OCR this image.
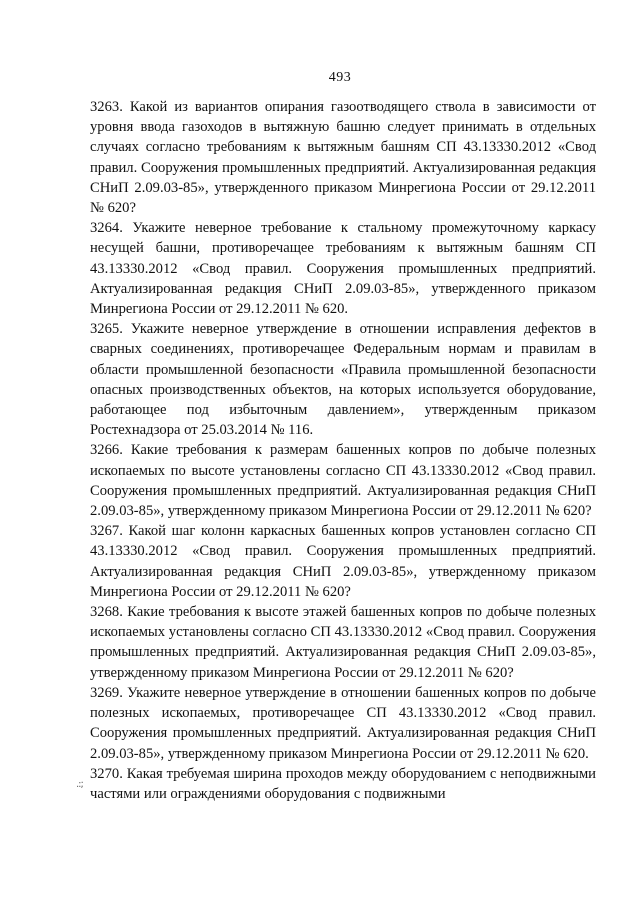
493

3263. Какой из вариантов опирания газоотводящего ствола в зависимости от уровня ввода газоходов в вытяжную башню следует принимать в отдельных случаях согласно требованиям к вытяжным башням СП 43.13330.2012 «Свод правил. Сооружения промышленных предприятий. Актуализированная редакция СНиП 2.09.03-85», утвержденного приказом Минрегиона России от 29.12.2011 № 620?

3264. Укажите неверное требование к стальному промежуточному каркасу несущей башни, противоречащее требованиям к вытяжным башням СП 43.13330.2012 «Свод правил. Сооружения промышленных предприятий. Актуализированная редакция СНиП 2.09.03-85», утвержденного приказом Минрегиона России от 29.12.2011 № 620.

3265. Укажите неверное утверждение в отношении исправления дефектов в сварных соединениях, противоречащее Федеральным нормам и правилам в области промышленной безопасности «Правила промышленной безопасности опасных производственных объектов, на которых используется оборудование, работающее под избыточным давлением», утвержденным приказом Ростехнадзора от 25.03.2014 № 116.

3266. Какие требования к размерам башенных копров по добыче полезных ископаемых по высоте установлены согласно СП 43.13330.2012 «Свод правил. Сооружения промышленных предприятий. Актуализированная редакция СНиП 2.09.03-85», утвержденному приказом Минрегиона России от 29.12.2011 № 620?

3267. Какой шаг колонн каркасных башенных копров установлен согласно СП 43.13330.2012 «Свод правил. Сооружения промышленных предприятий. Актуализированная редакция СНиП 2.09.03-85», утвержденному приказом Минрегиона России от 29.12.2011 № 620?

3268. Какие требования к высоте этажей башенных копров по добыче полезных ископаемых установлены согласно СП 43.13330.2012 «Свод правил. Сооружения промышленных предприятий. Актуализированная редакция СНиП 2.09.03-85», утвержденному приказом Минрегиона России от 29.12.2011 № 620?

3269. Укажите неверное утверждение в отношении башенных копров по добыче полезных ископаемых, противоречащее СП 43.13330.2012 «Свод правил. Сооружения промышленных предприятий. Актуализированная редакция СНиП 2.09.03-85», утвержденному приказом Минрегиона России от 29.12.2011 № 620.

3270. Какая требуемая ширина проходов между оборудованием с неподвижными частями или ограждениями оборудования с подвижными

.:;
